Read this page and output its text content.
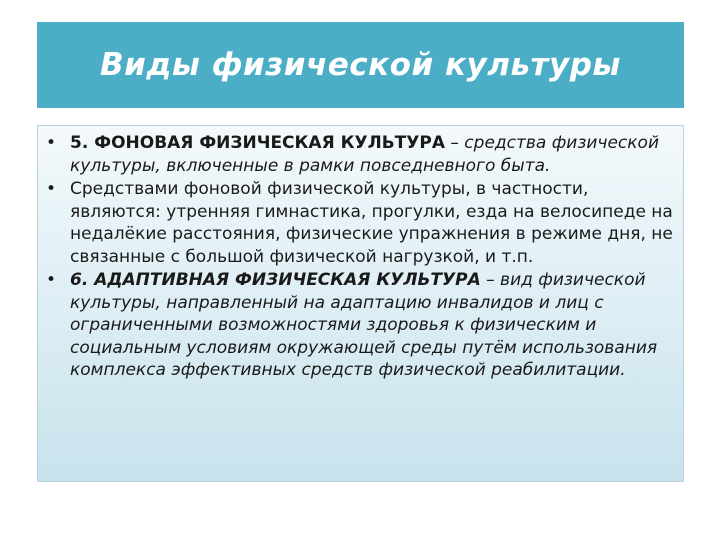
Виды физической культуры
• 5. ФОНОВАЯ ФИЗИЧЕСКАЯ КУЛЬТУРА – средства физической культуры, включенные в рамки повседневного быта.
• Средствами фоновой физической культуры, в частности, являются: утренняя гимнастика, прогулки, езда на велосипеде на недалёкие расстояния, физические упражнения в режиме дня, не связанные с большой физической нагрузкой, и т.п.
• 6. АДАПТИВНАЯ ФИЗИЧЕСКАЯ КУЛЬТУРА – вид физической культуры, направленный на адаптацию инвалидов и лиц с ограниченными возможностями здоровья к физическим и социальным условиям окружающей среды путём использования комплекса эффективных средств физической реабилитации.
